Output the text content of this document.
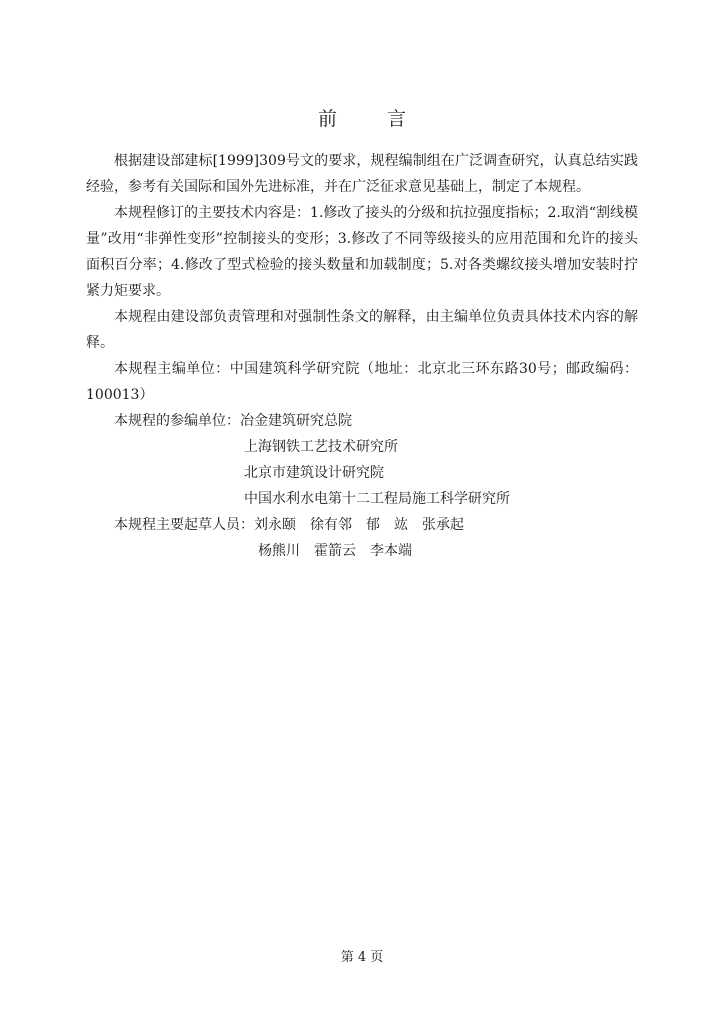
前 言

根据建设部建标[1999]309号文的要求，规程编制组在广泛调查研究，认真总结实践经验，参考有关国际和国外先进标准，并在广泛征求意见基础上，制定了本规程。

本规程修订的主要技术内容是：1.修改了接头的分级和抗拉强度指标；2.取消“割线模量”改用“非弹性变形”控制接头的变形；3.修改了不同等级接头的应用范围和允许的接头面积百分率；4.修改了型式检验的接头数量和加载制度；5.对各类螺纹接头增加安装时拧紧力矩要求。

本规程由建设部负责管理和对强制性条文的解释，由主编单位负责具体技术内容的解释。

本规程主编单位：中国建筑科学研究院（地址：北京北三环东路30号；邮政编码：100013）

本规程的参编单位：冶金建筑研究总院

上海钢铁工艺技术研究所

北京市建筑设计研究院

中国水利水电第十二工程局施工科学研究所

本规程主要起草人员：刘永颐　徐有邻　郁　竑　张承起

杨熊川　霍箭云　李本端

第 4 页
